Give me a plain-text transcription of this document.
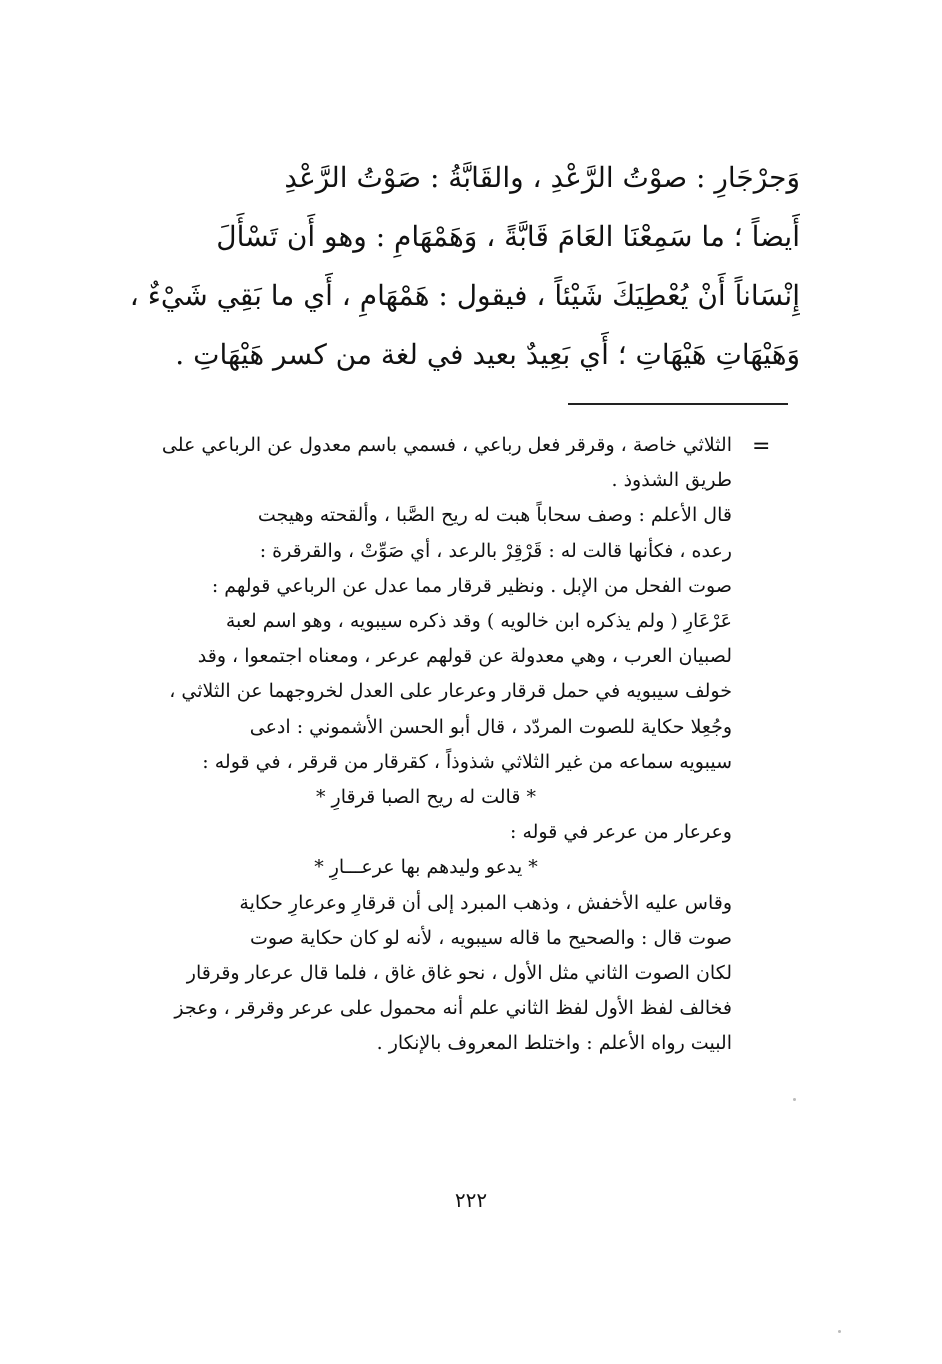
وَجرْجَارِ : صوْتُ الرَّعْدِ ، والقَابَّةُ : صَوْتُ الرَّعْدِ

أَيضاً ؛ ما سَمِعْنَا العَامَ قَابَّةً ، وَهَمْهَامِ : وهو أَن تَسْأَلَ

إِنْسَاناً أَنْ يُعْطِيَكَ شَيْئاً ، فيقول : هَمْهَامِ ، أَي ما بَقِي شَيْءٌ ،

وَهَيْهَاتِ هَيْهَاتِ ؛ أَي بَعِيدٌ بعيد في لغة من كسر هَيْهَاتِ .

=

الثلاثي خاصة ، وقرقر فعل رباعي ، فسمي باسم معدول عن الرباعي على

طريق الشذوذ .

قال الأعلم : وصف سحاباً هبت له ريح الصَّبا ، وألقحته وهيجت

رعده ، فكأنها قالت له : قَرْقِرْ بالرعد ، أي صَوِّتْ ، والقرقرة :

صوت الفحل من الإبل . ونظير قرقار مما عدل عن الرباعي قولهم :

عَرْعَارِ ( ولم يذكره ابن خالويه ) وقد ذكره سيبويه ، وهو اسم لعبة

لصبيان العرب ، وهي معدولة عن قولهم عرعر ، ومعناه اجتمعوا ، وقد

خولف سيبويه في حمل قرقار وعرعار على العدل لخروجهما عن الثلاثي ،

وجُعِلا حكاية للصوت المردّد ، قال أبو الحسن الأشموني : ادعى

سيبويه سماعه من غير الثلاثي شذوذاً ، كقرقار من قرقر ، في قوله :

* قالت له ريح الصبا قرقارِ *

وعرعار من عرعر في قوله :

* يدعو وليدهم بها عرعـــارِ *

وقاس عليه الأخفش ، وذهب المبرد إلى أن قرقارِ وعرعارِ حكاية

صوت قال : والصحيح ما قاله سيبويه ، لأنه لو كان حكاية صوت

لكان الصوت الثاني مثل الأول ، نحو غاق غاق ، فلما قال عرعار وقرقار

فخالف لفظ الأول لفظ الثاني علم أنه محمول على عرعر وقرقر ، وعجز

البيت رواه الأعلم : واختلط المعروف بالإنكار .

٢٢٢
